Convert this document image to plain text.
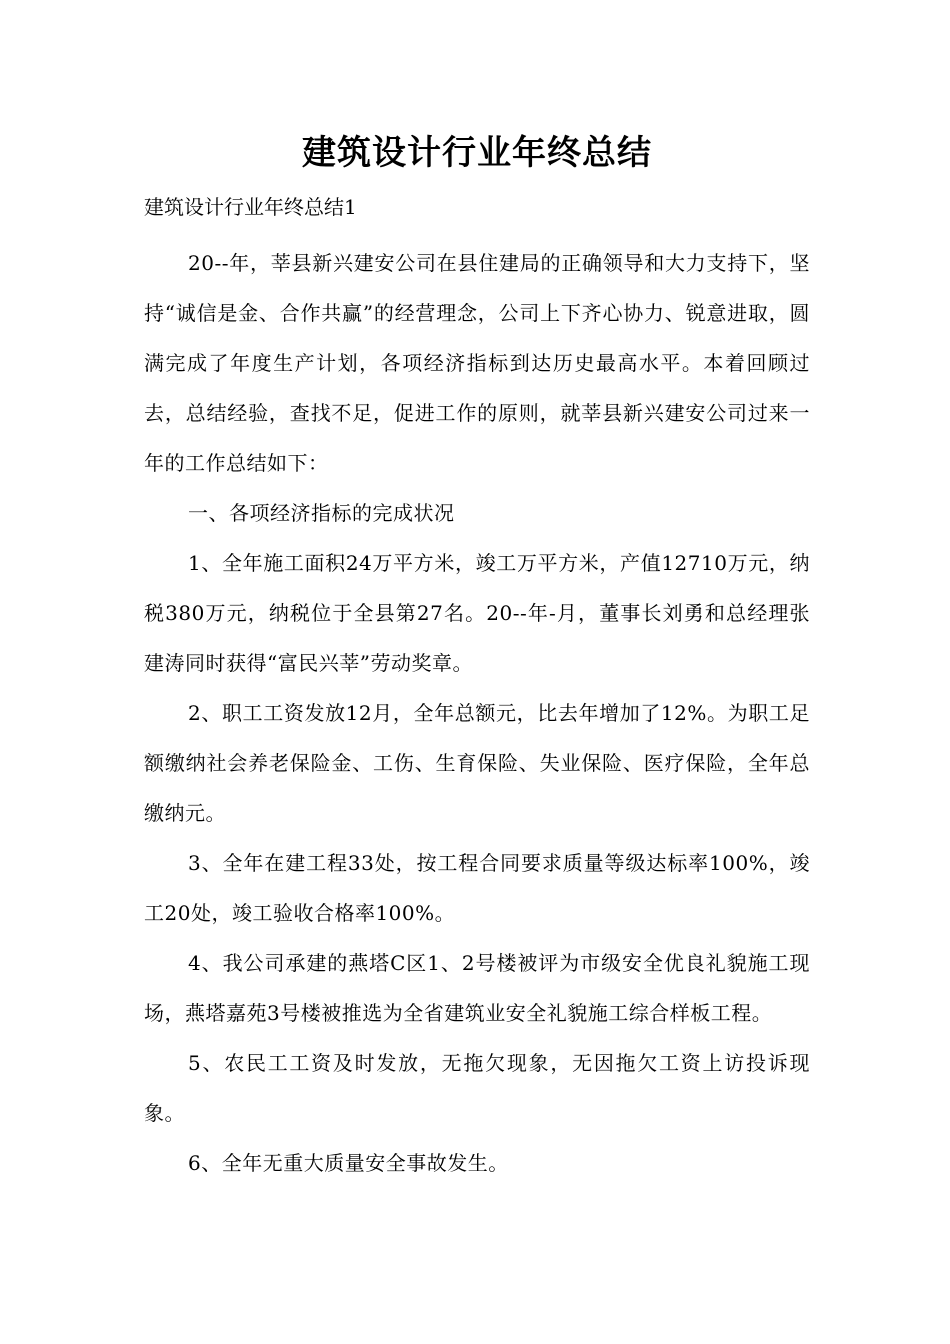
建筑设计行业年终总结

建筑设计行业年终总结1

20--年，莘县新兴建安公司在县住建局的正确领导和大力支持下，坚持“诚信是金、合作共赢”的经营理念，公司上下齐心协力、锐意进取，圆满完成了年度生产计划，各项经济指标到达历史最高水平。本着回顾过去，总结经验，查找不足，促进工作的原则，就莘县新兴建安公司过来一年的工作总结如下：

一、各项经济指标的完成状况

1、全年施工面积24万平方米，竣工万平方米，产值12710万元，纳税380万元，纳税位于全县第27名。20--年-月，董事长刘勇和总经理张建涛同时获得“富民兴莘”劳动奖章。

2、职工工资发放12月，全年总额元，比去年增加了12%。为职工足额缴纳社会养老保险金、工伤、生育保险、失业保险、医疗保险，全年总缴纳元。

3、全年在建工程33处，按工程合同要求质量等级达标率100%，竣工20处，竣工验收合格率100%。

4、我公司承建的燕塔C区1、2号楼被评为市级安全优良礼貌施工现场，燕塔嘉苑3号楼被推选为全省建筑业安全礼貌施工综合样板工程。

5、农民工工资及时发放，无拖欠现象，无因拖欠工资上访投诉现象。

6、全年无重大质量安全事故发生。
